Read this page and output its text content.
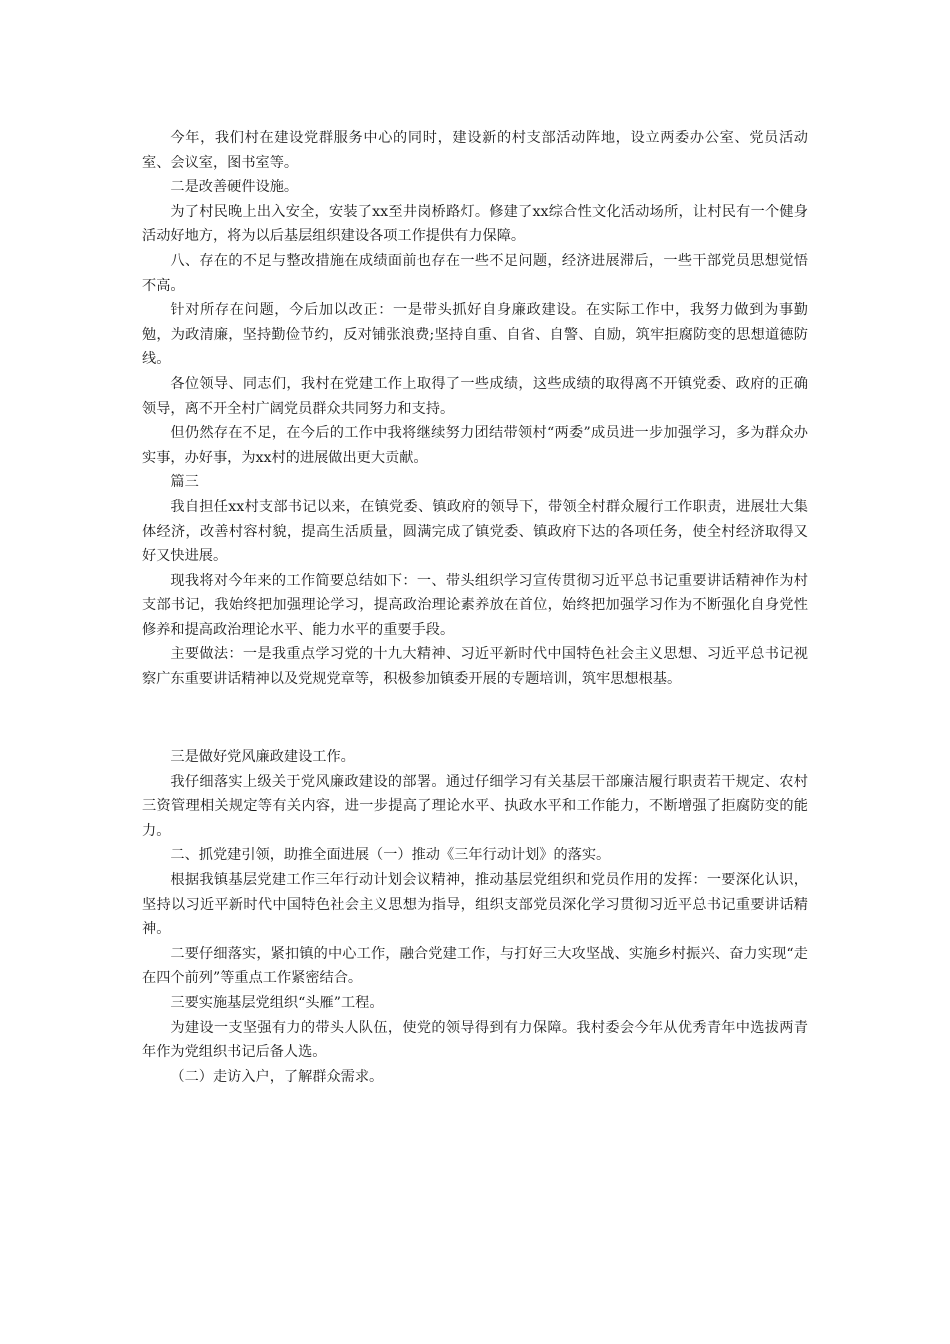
今年，我们村在建设党群服务中心的同时，建设新的村支部活动阵地，设立两委办公室、党员活动室、会议室，图书室等。

二是改善硬件设施。

为了村民晚上出入安全，安装了xx至井岗桥路灯。修建了xx综合性文化活动场所，让村民有一个健身活动好地方，将为以后基层组织建设各项工作提供有力保障。

八、存在的不足与整改措施在成绩面前也存在一些不足问题，经济进展滞后，一些干部党员思想觉悟不高。

针对所存在问题，今后加以改正：一是带头抓好自身廉政建设。在实际工作中，我努力做到为事勤勉，为政清廉，坚持勤俭节约，反对铺张浪费;坚持自重、自省、自警、自励，筑牢拒腐防变的思想道德防线。

各位领导、同志们，我村在党建工作上取得了一些成绩，这些成绩的取得离不开镇党委、政府的正确领导，离不开全村广阔党员群众共同努力和支持。

但仍然存在不足，在今后的工作中我将继续努力团结带领村“两委”成员进一步加强学习，多为群众办实事，办好事，为xx村的进展做出更大贡献。

篇三

我自担任xx村支部书记以来，在镇党委、镇政府的领导下，带领全村群众履行工作职责，进展壮大集体经济，改善村容村貌，提高生活质量，圆满完成了镇党委、镇政府下达的各项任务，使全村经济取得又好又快进展。

现我将对今年来的工作简要总结如下：一、带头组织学习宣传贯彻习近平总书记重要讲话精神作为村支部书记，我始终把加强理论学习，提高政治理论素养放在首位，始终把加强学习作为不断强化自身党性修养和提高政治理论水平、能力水平的重要手段。

主要做法：一是我重点学习党的十九大精神、习近平新时代中国特色社会主义思想、习近平总书记视察广东重要讲话精神以及党规党章等，积极参加镇委开展的专题培训，筑牢思想根基。

三是做好党风廉政建设工作。

我仔细落实上级关于党风廉政建设的部署。通过仔细学习有关基层干部廉洁履行职责若干规定、农村三资管理相关规定等有关内容，进一步提高了理论水平、执政水平和工作能力，不断增强了拒腐防变的能力。

二、抓党建引领，助推全面进展（一）推动《三年行动计划》的落实。

根据我镇基层党建工作三年行动计划会议精神，推动基层党组织和党员作用的发挥：一要深化认识，坚持以习近平新时代中国特色社会主义思想为指导，组织支部党员深化学习贯彻习近平总书记重要讲话精神。

二要仔细落实，紧扣镇的中心工作，融合党建工作，与打好三大攻坚战、实施乡村振兴、奋力实现“走在四个前列”等重点工作紧密结合。

三要实施基层党组织“头雁”工程。

为建设一支坚强有力的带头人队伍，使党的领导得到有力保障。我村委会今年从优秀青年中选拔两青年作为党组织书记后备人选。

（二）走访入户，了解群众需求。
